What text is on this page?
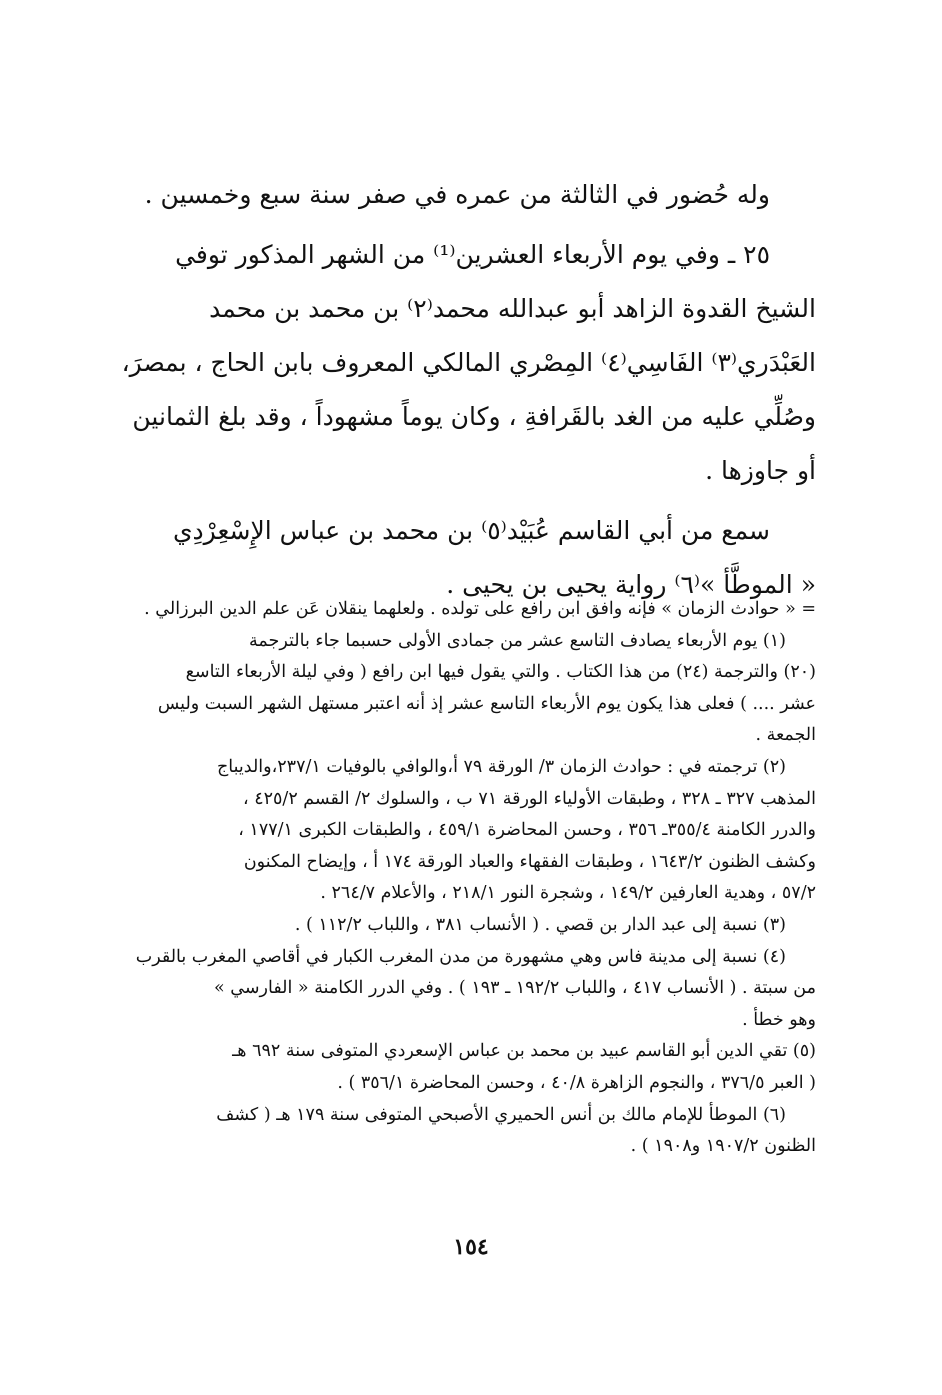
وله حُضور في الثالثة من عمره في صفر سنة سبع وخمسين .
٢٥ ـ وفي يوم الأربعاء العشرين⁽¹⁾ من الشهر المذكور توفي
الشيخ القدوة الزاهد أبو عبدالله محمد⁽٢⁾ بن محمد بن محمد
العَبْدَري⁽٣⁾ الفَاسِي⁽٤⁾ المِصْري المالكي المعروف بابن الحاج ، بمصرَ،
وصُلِّي عليه من الغد بالقَرافةِ ، وكان يوماً مشهوداً ، وقد بلغ الثمانين
أو جاوزها .
سمع من أبي القاسم عُبَيْد⁽٥⁾ بن محمد بن عباس الإِسْعِرْدِي
« الموطَّأ »⁽٦⁾ رواية يحيى بن يحيى .
= « حوادث الزمان » فإنه وافق ابن رافع على تولده . ولعلهما ينقلان عَن علم الدين البرزالي .
(١) يوم الأربعاء يصادف التاسع عشر من جمادى الأولى حسبما جاء بالترجمة
(٢٠) والترجمة (٢٤) من هذا الكتاب . والتي يقول فيها ابن رافع ( وفي ليلة الأربعاء التاسع
عشر .... ) فعلى هذا يكون يوم الأربعاء التاسع عشر إذ أنه اعتبر مستهل الشهر السبت وليس
الجمعة .
(٢) ترجمته في : حوادث الزمان ٣/ الورقة ٧٩ أ،والوافي بالوفيات ٢٣٧/١،والديباج
المذهب ٣٢٧ ـ ٣٢٨ ، وطبقات الأولياء الورقة ٧١ ب ، والسلوك ٢/ القسم ٤٢٥/٢ ،
والدرر الكامنة ٣٥٥/٤ـ ٣٥٦ ، وحسن المحاضرة ٤٥٩/١ ، والطبقات الكبرى ١٧٧/١ ،
وكشف الظنون ١٦٤٣/٢ ، وطبقات الفقهاء والعباد الورقة ١٧٤ أ ، وإيضاح المكنون
٥٧/٢ ، وهدية العارفين ١٤٩/٢ ، وشجرة النور ٢١٨/١ ، والأعلام ٢٦٤/٧ .
(٣) نسبة إلى عبد الدار بن قصي . ( الأنساب ٣٨١ ، واللباب ١١٢/٢ ) .
(٤) نسبة إلى مدينة فاس وهي مشهورة من مدن المغرب الكبار في أقاصي المغرب بالقرب
من سبتة . ( الأنساب ٤١٧ ، واللباب ١٩٢/٢ ـ ١٩٣ ) . وفي الدرر الكامنة « الفارسي »
وهو خطأ .
(٥) تقي الدين أبو القاسم عبيد بن محمد بن عباس الإسعردي المتوفى سنة ٦٩٢ هـ
( العبر ٣٧٦/٥ ، والنجوم الزاهرة ٤٠/٨ ، وحسن المحاضرة ٣٥٦/١ ) .
(٦) الموطأ للإمام مالك بن أنس الحميري الأصبحي المتوفى سنة ١٧٩ هـ ( كشف
الظنون ١٩٠٧/٢ و١٩٠٨ ) .
١٥٤
